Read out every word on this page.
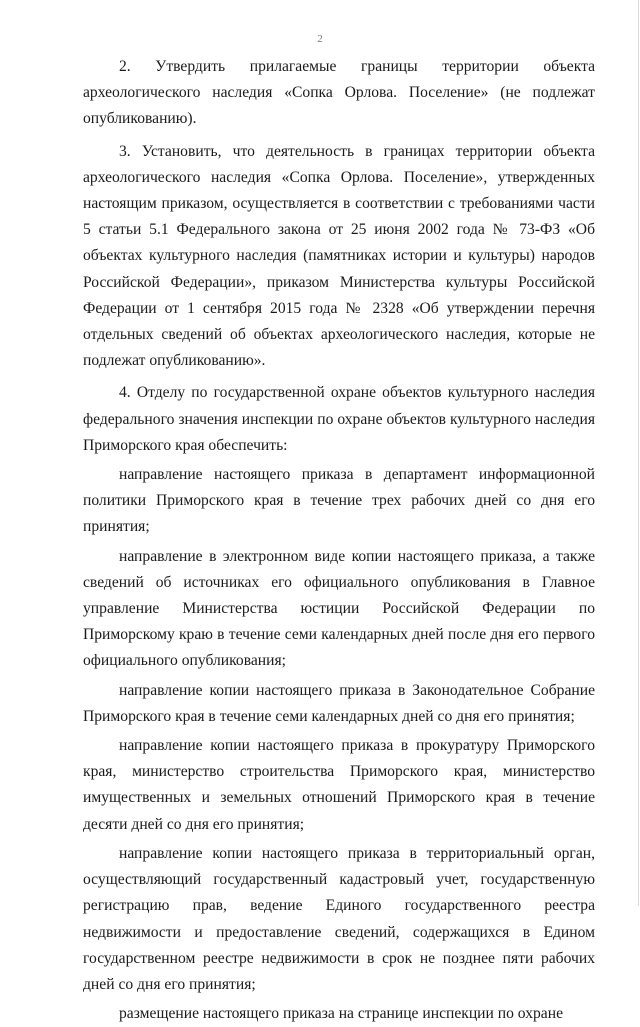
2

2. Утвердить прилагаемые границы территории объекта археологического наследия «Сопка Орлова. Поселение» (не подлежат опубликованию).

3. Установить, что деятельность в границах территории объекта археологического наследия «Сопка Орлова. Поселение», утвержденных настоящим приказом, осуществляется в соответствии с требованиями части 5 статьи 5.1 Федерального закона от 25 июня 2002 года № 73-ФЗ «Об объектах культурного наследия (памятниках истории и культуры) народов Российской Федерации», приказом Министерства культуры Российской Федерации от 1 сентября 2015 года № 2328 «Об утверждении перечня отдельных сведений об объектах археологического наследия, которые не подлежат опубликованию».

4. Отделу по государственной охране объектов культурного наследия федерального значения инспекции по охране объектов культурного наследия Приморского края обеспечить:

направление настоящего приказа в департамент информационной политики Приморского края в течение трех рабочих дней со дня его принятия;

направление в электронном виде копии настоящего приказа, а также сведений об источниках его официального опубликования в Главное управление Министерства юстиции Российской Федерации по Приморскому краю в течение семи календарных дней после дня его первого официального опубликования;

направление копии настоящего приказа в Законодательное Собрание Приморского края в течение семи календарных дней со дня его принятия;

направление копии настоящего приказа в прокуратуру Приморского края, министерство строительства Приморского края, министерство имущественных и земельных отношений Приморского края в течение десяти дней со дня его принятия;

направление копии настоящего приказа в территориальный орган, осуществляющий государственный кадастровый учет, государственную регистрацию прав, ведение Единого государственного реестра недвижимости и предоставление сведений, содержащихся в Едином государственном реестре недвижимости в срок не позднее пяти рабочих дней со дня его принятия;

размещение настоящего приказа на странице инспекции по охране
